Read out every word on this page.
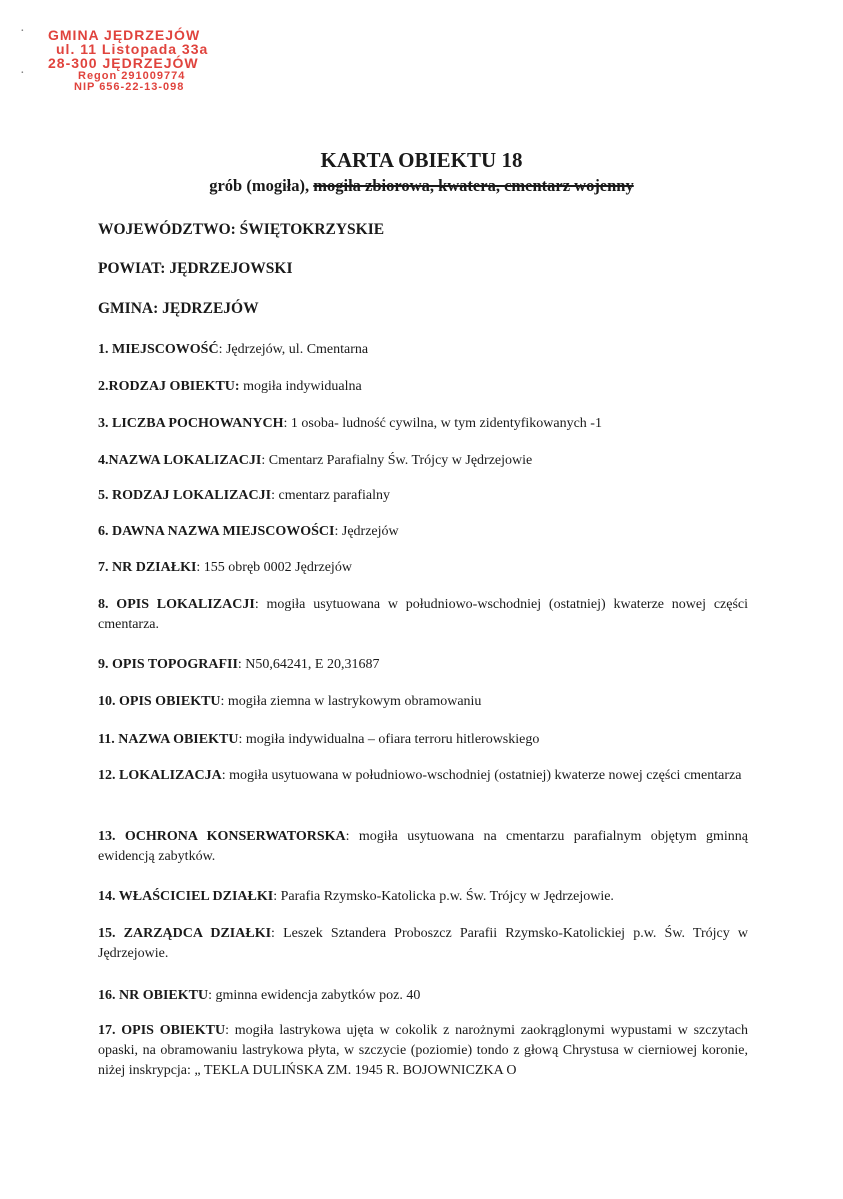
GMINA JĘDRZEJÓW
ul. 11 Listopada 33a
28-300 JĘDRZEJÓW
Regon 291009774
NIP 656-22-13-098
KARTA OBIEKTU 18
grób (mogiła), mogiła zbiorowa, kwatera, cmentarz wojenny
WOJEWÓDZTWO: ŚWIĘTOKRZYSKIE
POWIAT: JĘDRZEJOWSKI
GMINA: JĘDRZEJÓW
1. MIEJSCOWOŚĆ: Jędrzejów, ul. Cmentarna
2.RODZAJ OBIEKTU: mogiła indywidualna
3. LICZBA POCHOWANYCH: 1 osoba- ludność cywilna, w tym zidentyfikowanych -1
4.NAZWA LOKALIZACJI: Cmentarz Parafialny Św. Trójcy w Jędrzejowie
5. RODZAJ LOKALIZACJI: cmentarz parafialny
6. DAWNA NAZWA MIEJSCOWOŚCI: Jędrzejów
7. NR DZIAŁKI: 155 obręb 0002 Jędrzejów
8. OPIS LOKALIZACJI: mogiła usytuowana w południowo-wschodniej (ostatniej) kwaterze nowej części cmentarza.
9. OPIS TOPOGRAFII: N50,64241, E 20,31687
10. OPIS OBIEKTU: mogiła ziemna w lastrykowym obramowaniu
11. NAZWA OBIEKTU: mogiła indywidualna – ofiara terroru hitlerowskiego
12. LOKALIZACJA: mogiła usytuowana w południowo-wschodniej (ostatniej) kwaterze nowej części cmentarza
13. OCHRONA KONSERWATORSKA: mogiła usytuowana na cmentarzu parafialnym objętym gminną ewidencją zabytków.
14. WŁAŚCICIEL DZIAŁKI: Parafia Rzymsko-Katolicka p.w. Św. Trójcy w Jędrzejowie.
15. ZARZĄDCA DZIAŁKI: Leszek Sztandera Proboszcz Parafii Rzymsko-Katolickiej p.w. Św. Trójcy w Jędrzejowie.
16. NR OBIEKTU: gminna ewidencja zabytków poz. 40
17. OPIS OBIEKTU: mogiła lastrykowa ujęta w cokolik z narożnymi zaokrąglonymi wypustami w szczytach opaski, na obramowaniu lastrykowa płyta, w szczycie (poziomie) tondo z głową Chrystusa w cierniowej koronie, niżej inskrypcja: „ TEKLA DULIŃSKA ZM. 1945 R. BOJOWNICZKA O
·
·
